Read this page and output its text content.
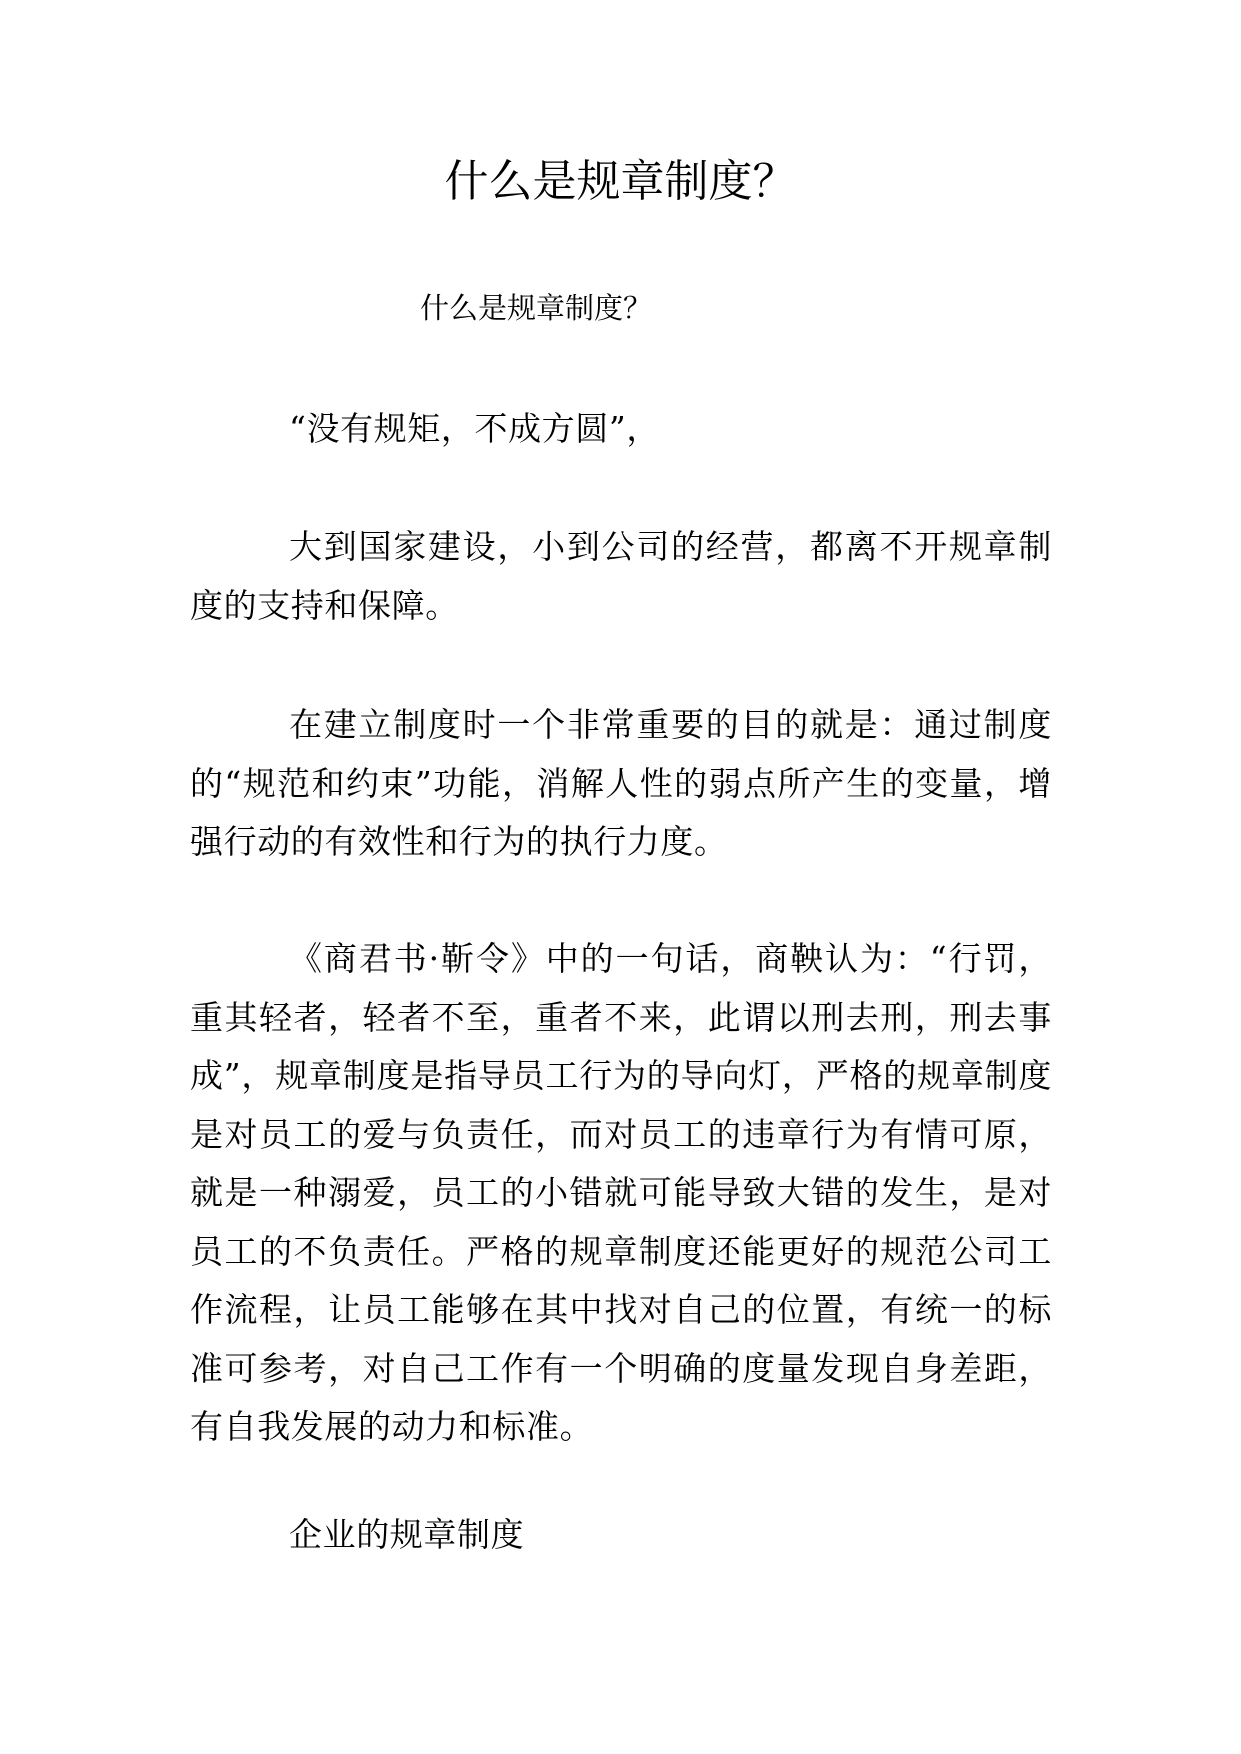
什么是规章制度？

什么是规章制度？

“没有规矩，不成方圆”，

大到国家建设，小到公司的经营，都离不开规章制度的支持和保障。

在建立制度时一个非常重要的目的就是：通过制度的“规范和约束”功能，消解人性的弱点所产生的变量，增强行动的有效性和行为的执行力度。

《商君书·靳令》中的一句话，商鞅认为：“行罚，重其轻者，轻者不至，重者不来，此谓以刑去刑，刑去事成”，规章制度是指导员工行为的导向灯，严格的规章制度是对员工的爱与负责任，而对员工的违章行为有情可原，就是一种溺爱，员工的小错就可能导致大错的发生，是对员工的不负责任。严格的规章制度还能更好的规范公司工作流程，让员工能够在其中找对自己的位置，有统一的标准可参考，对自己工作有一个明确的度量发现自身差距，有自我发展的动力和标准。

企业的规章制度
